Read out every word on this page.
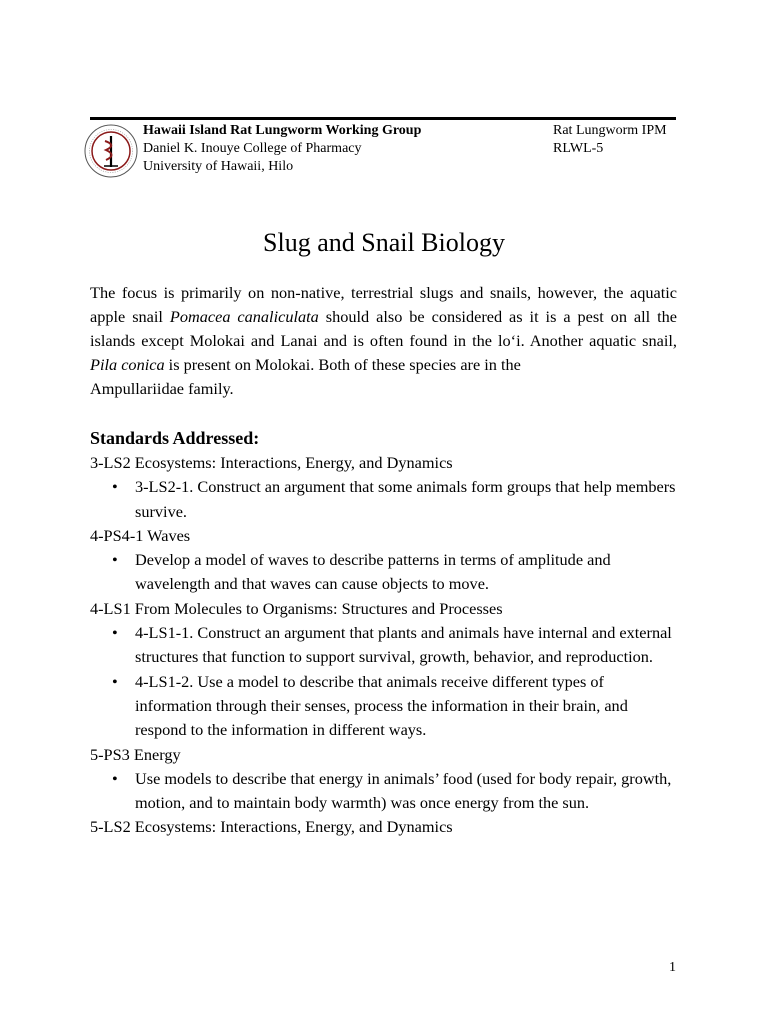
Hawaii Island Rat Lungworm Working Group
Daniel K. Inouye College of Pharmacy
University of Hawaii, Hilo
Rat Lungworm IPM
RLWL-5
Slug and Snail Biology
The focus is primarily on non-native, terrestrial slugs and snails, however, the aquatic apple snail Pomacea canaliculata should also be considered as it is a pest on all the islands except Molokai and Lanai and is often found in the lo‘i. Another aquatic snail, Pila conica is present on Molokai. Both of these species are in the
Ampullariidae family.
Standards Addressed:
3-LS2 Ecosystems: Interactions, Energy, and Dynamics
• 3-LS2-1. Construct an argument that some animals form groups that help members survive.
4-PS4-1 Waves
• Develop a model of waves to describe patterns in terms of amplitude and wavelength and that waves can cause objects to move.
4-LS1 From Molecules to Organisms: Structures and Processes
• 4-LS1-1. Construct an argument that plants and animals have internal and external structures that function to support survival, growth, behavior, and reproduction.
• 4-LS1-2. Use a model to describe that animals receive different types of information through their senses, process the information in their brain, and respond to the information in different ways.
5-PS3 Energy
• Use models to describe that energy in animals’ food (used for body repair, growth, motion, and to maintain body warmth) was once energy from the sun.
5-LS2 Ecosystems: Interactions, Energy, and Dynamics
1
